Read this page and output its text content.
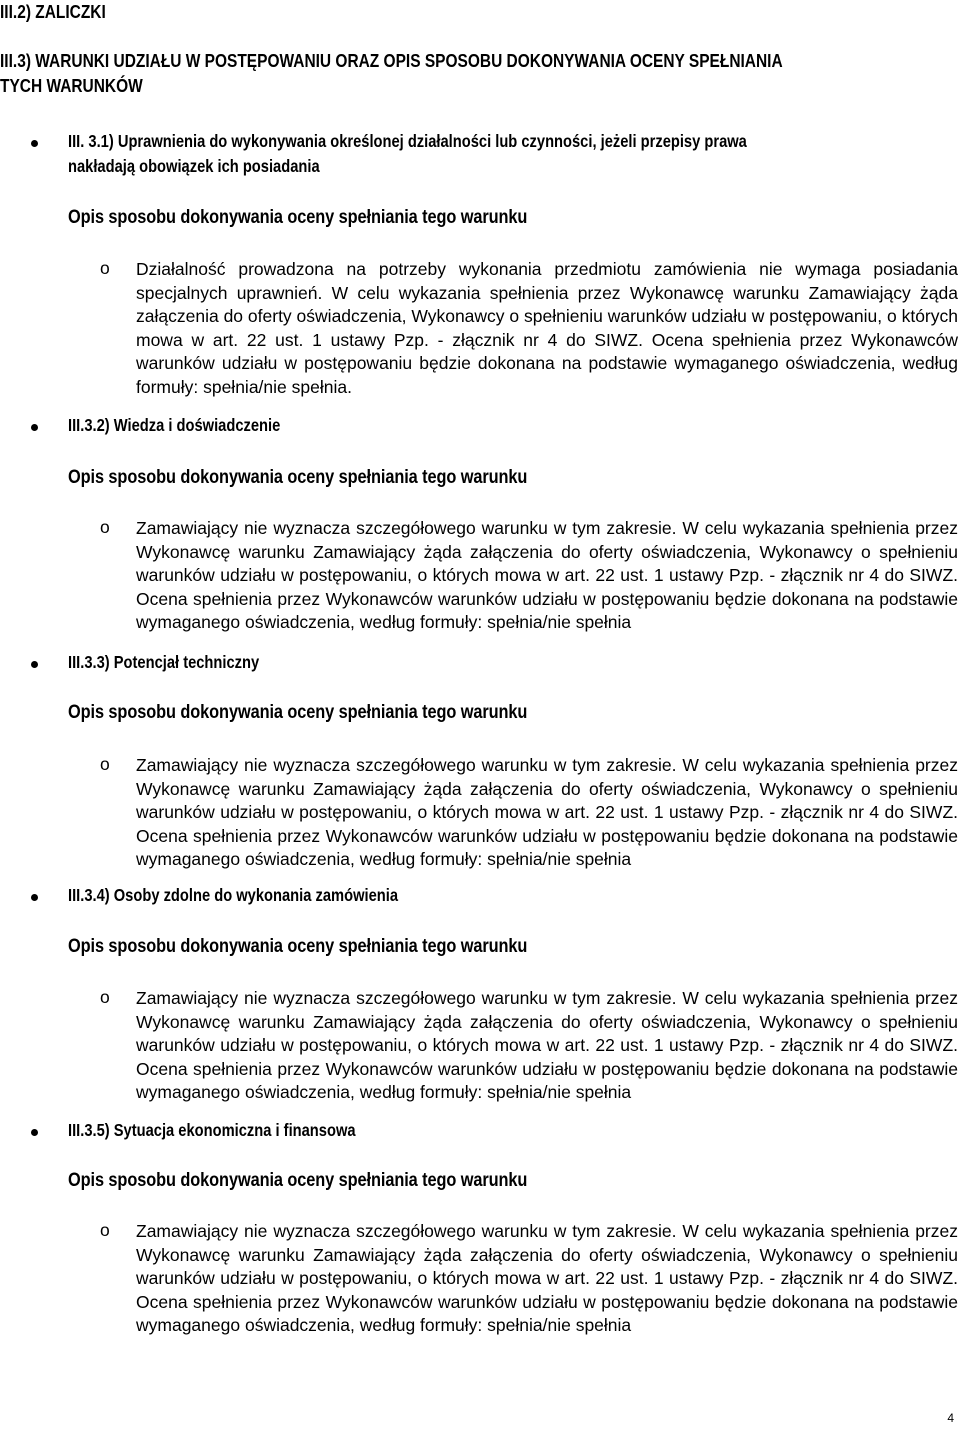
III.2) ZALICZKI
III.3) WARUNKI UDZIAŁU W POSTĘPOWANIU ORAZ OPIS SPOSOBU DOKONYWANIA OCENY SPEŁNIANIA
TYCH WARUNKÓW
III. 3.1) Uprawnienia do wykonywania określonej działalności lub czynności, jeżeli przepisy prawa
nakładają obowiązek ich posiadania
Opis sposobu dokonywania oceny spełniania tego warunku
o Działalność prowadzona na potrzeby wykonania przedmiotu zamówienia nie wymaga posiadania specjalnych uprawnień. W celu wykazania spełnienia przez Wykonawcę warunku Zamawiający żąda załączenia do oferty oświadczenia, Wykonawcy o spełnieniu warunków udziału w postępowaniu, o których mowa w art. 22 ust. 1 ustawy Pzp. - złącznik nr 4 do SIWZ. Ocena spełnienia przez Wykonawców warunków udziału w postępowaniu będzie dokonana na podstawie wymaganego oświadczenia, według formuły: spełnia/nie spełnia.
III.3.2) Wiedza i doświadczenie
Opis sposobu dokonywania oceny spełniania tego warunku
o Zamawiający nie wyznacza szczegółowego warunku w tym zakresie. W celu wykazania spełnienia przez Wykonawcę warunku Zamawiający żąda załączenia do oferty oświadczenia, Wykonawcy o spełnieniu warunków udziału w postępowaniu, o których mowa w art. 22 ust. 1 ustawy Pzp. - złącznik nr 4 do SIWZ. Ocena spełnienia przez Wykonawców warunków udziału w postępowaniu będzie dokonana na podstawie wymaganego oświadczenia, według formuły: spełnia/nie spełnia
III.3.3) Potencjał techniczny
Opis sposobu dokonywania oceny spełniania tego warunku
o Zamawiający nie wyznacza szczegółowego warunku w tym zakresie. W celu wykazania spełnienia przez Wykonawcę warunku Zamawiający żąda załączenia do oferty oświadczenia, Wykonawcy o spełnieniu warunków udziału w postępowaniu, o których mowa w art. 22 ust. 1 ustawy Pzp. - złącznik nr 4 do SIWZ. Ocena spełnienia przez Wykonawców warunków udziału w postępowaniu będzie dokonana na podstawie wymaganego oświadczenia, według formuły: spełnia/nie spełnia
III.3.4) Osoby zdolne do wykonania zamówienia
Opis sposobu dokonywania oceny spełniania tego warunku
o Zamawiający nie wyznacza szczegółowego warunku w tym zakresie. W celu wykazania spełnienia przez Wykonawcę warunku Zamawiający żąda załączenia do oferty oświadczenia, Wykonawcy o spełnieniu warunków udziału w postępowaniu, o których mowa w art. 22 ust. 1 ustawy Pzp. - złącznik nr 4 do SIWZ. Ocena spełnienia przez Wykonawców warunków udziału w postępowaniu będzie dokonana na podstawie wymaganego oświadczenia, według formuły: spełnia/nie spełnia
III.3.5) Sytuacja ekonomiczna i finansowa
Opis sposobu dokonywania oceny spełniania tego warunku
o Zamawiający nie wyznacza szczegółowego warunku w tym zakresie. W celu wykazania spełnienia przez Wykonawcę warunku Zamawiający żąda załączenia do oferty oświadczenia, Wykonawcy o spełnieniu warunków udziału w postępowaniu, o których mowa w art. 22 ust. 1 ustawy Pzp. - złącznik nr 4 do SIWZ. Ocena spełnienia przez Wykonawców warunków udziału w postępowaniu będzie dokonana na podstawie wymaganego oświadczenia, według formuły: spełnia/nie spełnia
4
